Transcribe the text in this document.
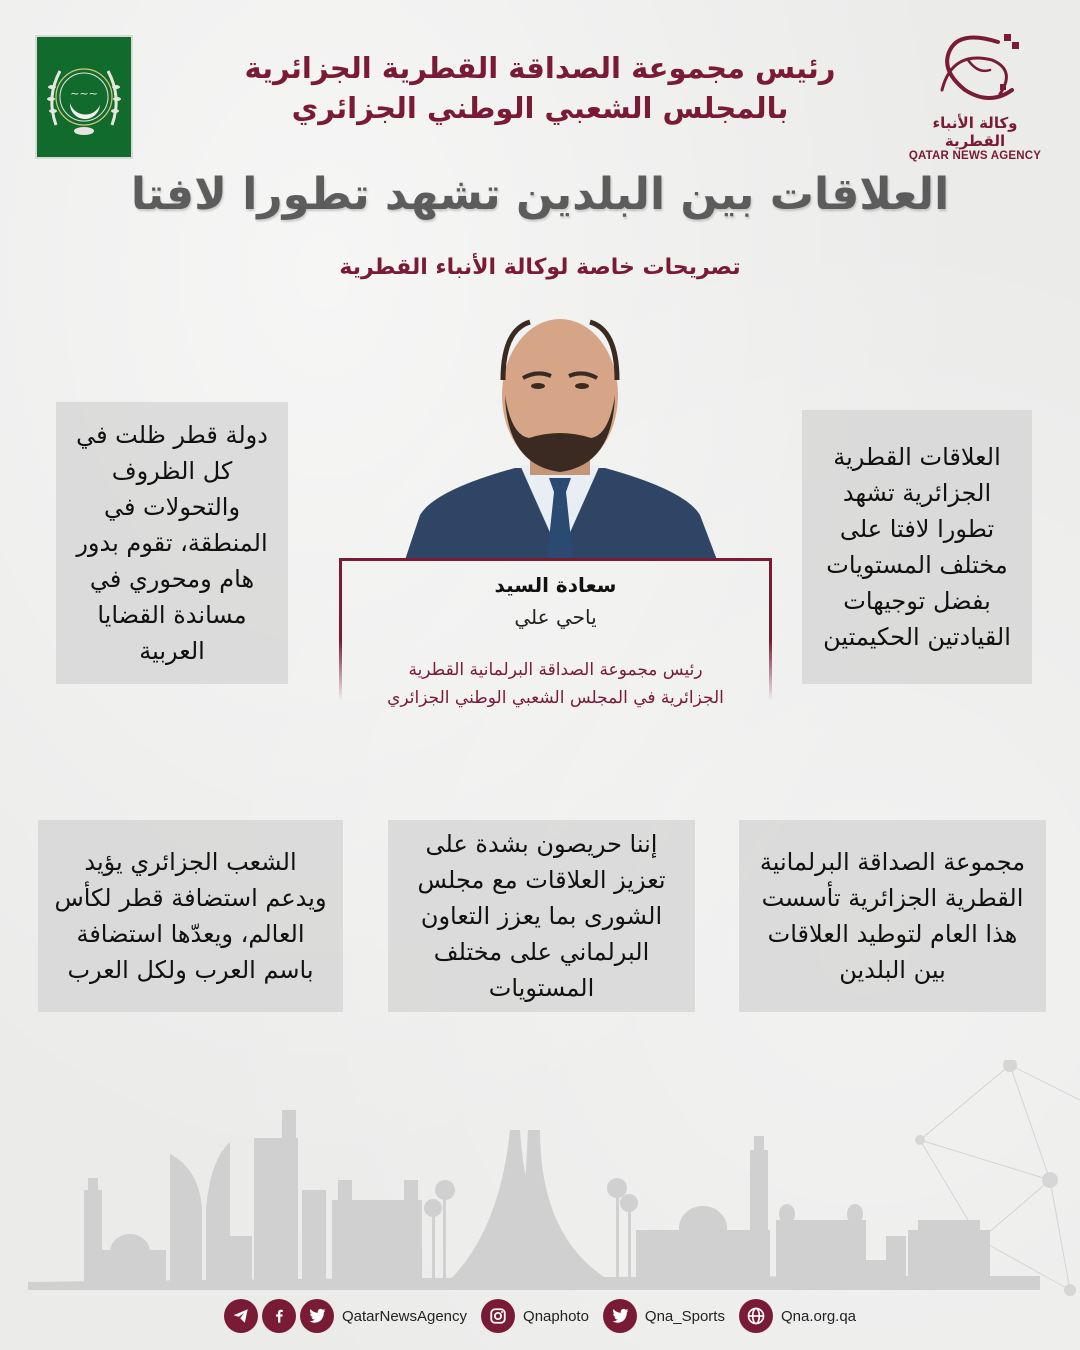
~~~
وكالة الأنباء القطرية
QATAR NEWS AGENCY
رئيس مجموعة الصداقة القطرية الجزائرية
بالمجلس الشعبي الوطني الجزائري
العلاقات بين البلدين تشهد تطورا لافتا
تصريحات خاصة لوكالة الأنباء القطرية
سعادة السيد
ياحي علي
رئيس مجموعة الصداقة البرلمانية القطرية
الجزائرية في المجلس الشعبي الوطني الجزائري
دولة قطر ظلت في كل الظروف والتحولات في المنطقة، تقوم بدور هام ومحوري في مساندة القضايا العربية
العلاقات القطرية الجزائرية تشهد تطورا لافتا على مختلف المستويات بفضل توجيهات القيادتين الحكيمتين
الشعب الجزائري يؤيد ويدعم استضافة قطر لكأس العالم، ويعدّها استضافة باسم العرب ولكل العرب
إننا حريصون بشدة على تعزيز العلاقات مع مجلس الشورى بما يعزز التعاون البرلماني على مختلف المستويات
مجموعة الصداقة البرلمانية القطرية الجزائرية تأسست هذا العام لتوطيد العلاقات بين البلدين
QatarNewsAgency	Qnaphoto	Qna_Sports	Qna.org.qa
